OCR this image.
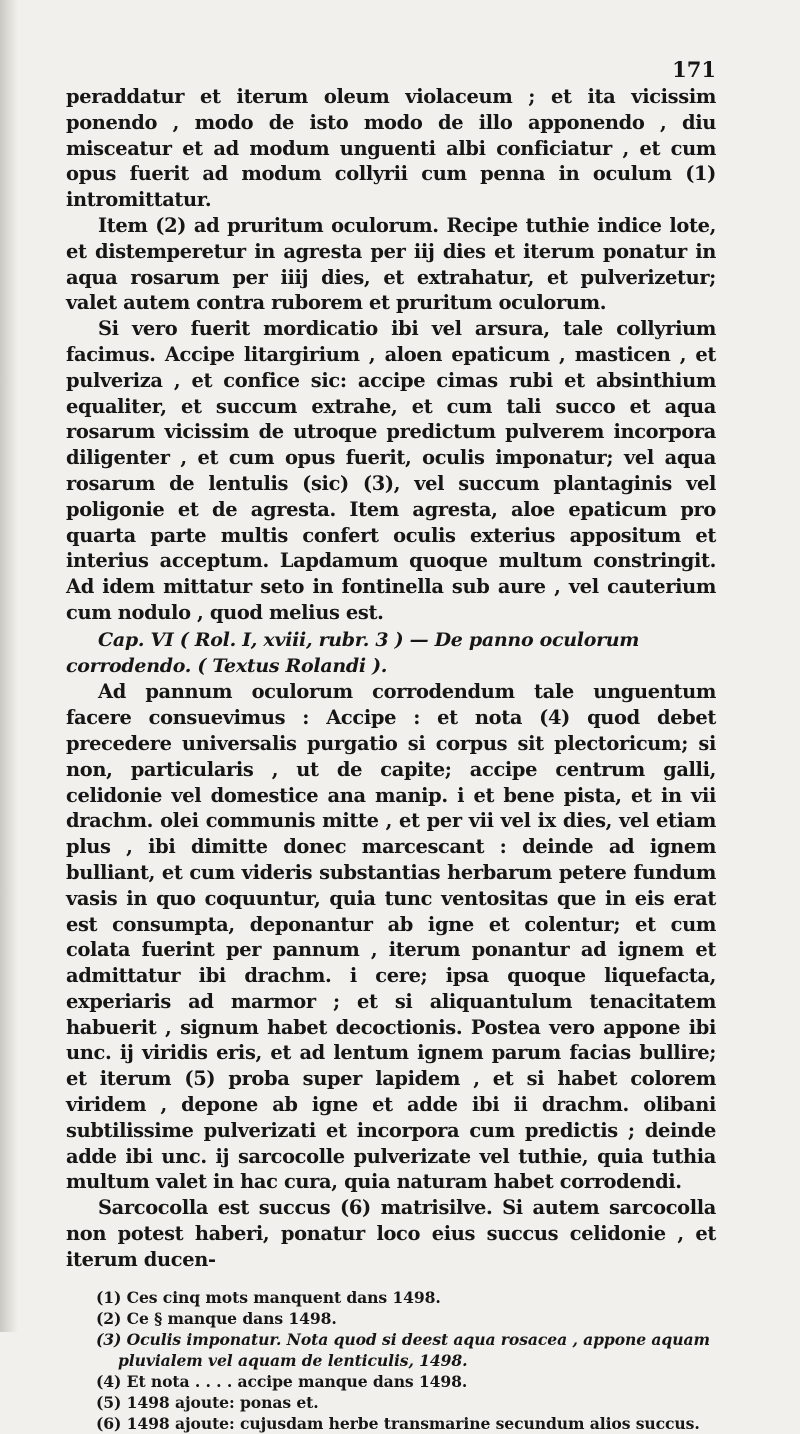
171

peraddatur et iterum oleum violaceum ; et ita vicissim ponendo , modo de isto modo de illo apponendo , diu misceatur et ad modum unguenti albi conficiatur , et cum opus fuerit ad modum collyrii cum penna in oculum (1) intromittatur.

Item (2) ad pruritum oculorum. Recipe tuthie indice lote, et distemperetur in agresta per iij dies et iterum ponatur in aqua rosarum per iiij dies, et extrahatur, et pulverizetur; valet autem contra ruborem et pruritum oculorum.

Si vero fuerit mordicatio ibi vel arsura, tale collyrium facimus. Accipe litargirium , aloen epaticum , masticen , et pulveriza , et confice sic: accipe cimas rubi et absinthium equaliter, et succum extrahe, et cum tali succo et aqua rosarum vicissim de utroque predictum pulverem incorpora diligenter , et cum opus fuerit, oculis imponatur; vel aqua rosarum de lentulis (sic) (3), vel succum plantaginis vel poligonie et de agresta. Item agresta, aloe epaticum pro quarta parte multis confert oculis exterius appositum et interius acceptum. Lapdamum quoque multum constringit. Ad idem mittatur seto in fontinella sub aure , vel cauterium cum nodulo , quod melius est.

Cap. VI ( Rol. I, xviii, rubr. 3 ) — De panno oculorum corrodendo. ( Textus Rolandi ).

Ad pannum oculorum corrodendum tale unguentum facere consuevimus : Accipe : et nota (4) quod debet precedere universalis purgatio si corpus sit plectoricum; si non, particularis , ut de capite; accipe centrum galli, celidonie vel domestice ana manip. i et bene pista, et in vii drachm. olei communis mitte , et per vii vel ix dies, vel etiam plus , ibi dimitte donec marcescant : deinde ad ignem bulliant, et cum videris substantias herbarum petere fundum vasis in quo coquuntur, quia tunc ventositas que in eis erat est consumpta, deponantur ab igne et colentur; et cum colata fuerint per pannum , iterum ponantur ad ignem et admittatur ibi drachm. i cere; ipsa quoque liquefacta, experiaris ad marmor ; et si aliquantulum tenacitatem habuerit , signum habet decoctionis. Postea vero appone ibi unc. ij viridis eris, et ad lentum ignem parum facias bullire; et iterum (5) proba super lapidem , et si habet colorem viridem , depone ab igne et adde ibi ii drachm. olibani subtilissime pulverizati et incorpora cum predictis ; deinde adde ibi unc. ij sarcocolle pulverizate vel tuthie, quia tuthia multum valet in hac cura, quia naturam habet corrodendi.

Sarcocolla est succus (6) matrisilve. Si autem sarcocolla non potest haberi, ponatur loco eius succus celidonie , et iterum ducen-

(1) Ces cinq mots manquent dans 1498.

(2) Ce § manque dans 1498.

(3) Oculis imponatur. Nota quod si deest aqua rosacea , appone aquam pluvialem vel aquam de lenticulis, 1498.

(4) Et nota . . . . accipe manque dans 1498.

(5) 1498 ajoute: ponas et.

(6) 1498 ajoute: cujusdam herbe transmarine secundum alios succus.
